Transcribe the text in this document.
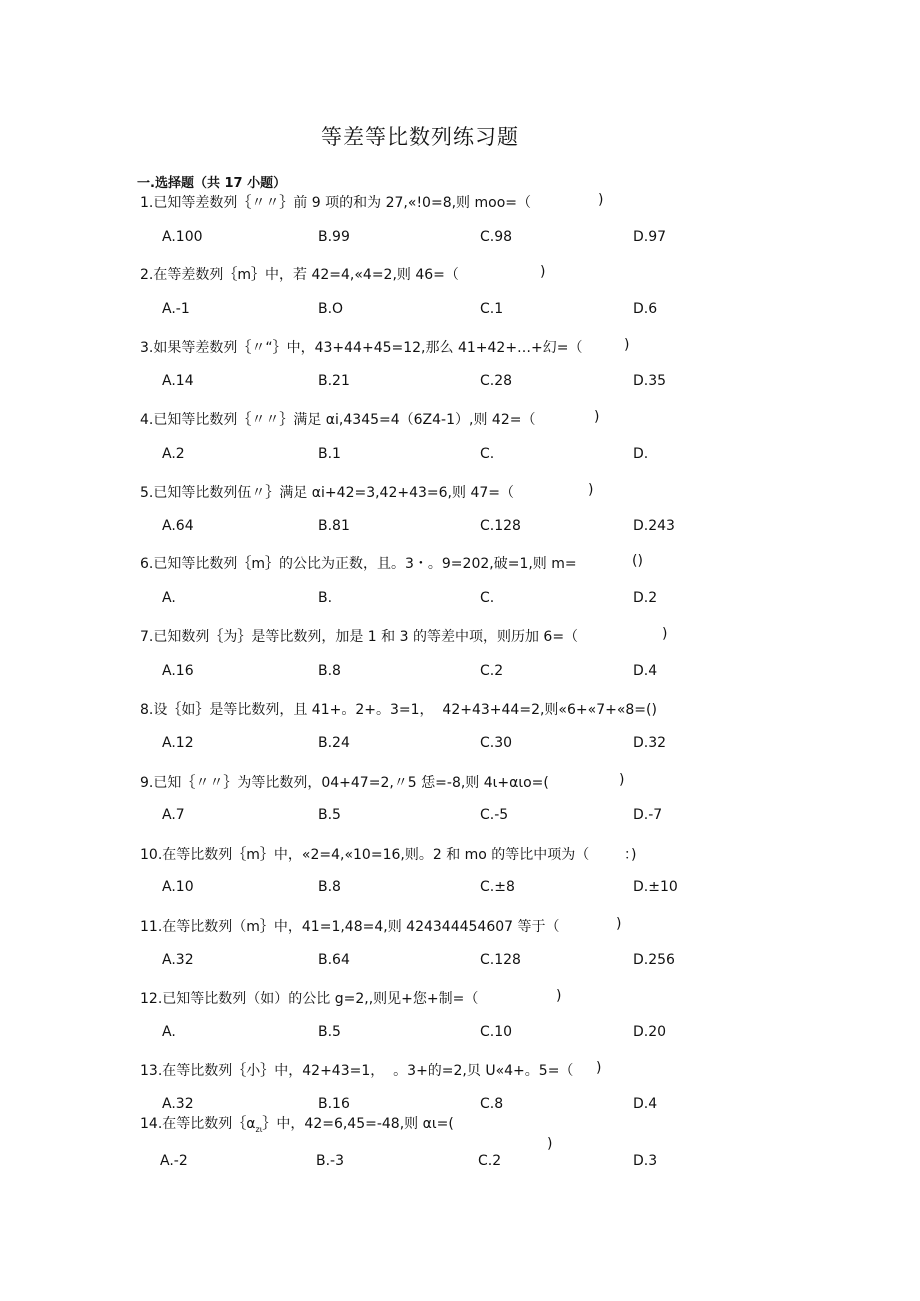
等差等比数列练习题
一.选择题（共 17 小题）
1.已知等差数列｛〃〃｝前 9 项的和为 27,«!0=8,则 moo=（	)
A.100	B.99	C.98	D.97
2.在等差数列｛m｝中，若 42=4,«4=2,则 46=（	)
A.-1	B.O	C.1	D.6
3.如果等差数列｛〃“｝中，43+44+45=12,那么 41+42+…+幻=（	)
A.14	B.21	C.28	D.35
4.已知等比数列｛〃〃｝满足 αi,4345=4（6Z4-1）,则 42=（	)
A.2	B.1	C.	D.
5.已知等比数列伍〃｝满足 αi+42=3,42+43=6,则 47=（	)
A.64	B.81	C.128	D.243
6.已知等比数列｛m｝的公比为正数，且。3・。9=202,破=1,则 m=	()
A.	B.	C.	D.2
7.已知数列｛为｝是等比数列，加是 1 和 3 的等差中项，则历加 6=（	)
A.16	B.8	C.2	D.4
8.设｛如｝是等比数列，且 41+。2+。3=1，  42+43+44=2,则«6+«7+«8=()
A.12	B.24	C.30	D.32
9.已知｛〃〃｝为等比数列，04+47=2,〃5 恁=-8,则 4ι+αιo=(	)
A.7	B.5	C.-5	D.-7
10.在等比数列｛m｝中，«2=4,«10=16,则。2 和 mo 的等比中项为（ ：)
A.10	B.8	C.±8	D.±10
11.在等比数列（m｝中，41=1,48=4,则 424344454607 等于（	)
A.32	B.64	C.128	D.256
12.已知等比数列（如）的公比 g=2,,则见+您+制=（	)
A.	B.5	C.10	D.20
13.在等比数列｛小｝中，42+43=1，  。3+的=2,贝 U«4+。5=（ )
A.32	B.16	C.8	D.4
14.在等比数列$\{\alpha_{z\iota}\}$中，42=6,45=-48,则 αι=(
)
A.-2	B.-3	C.2	D.3
